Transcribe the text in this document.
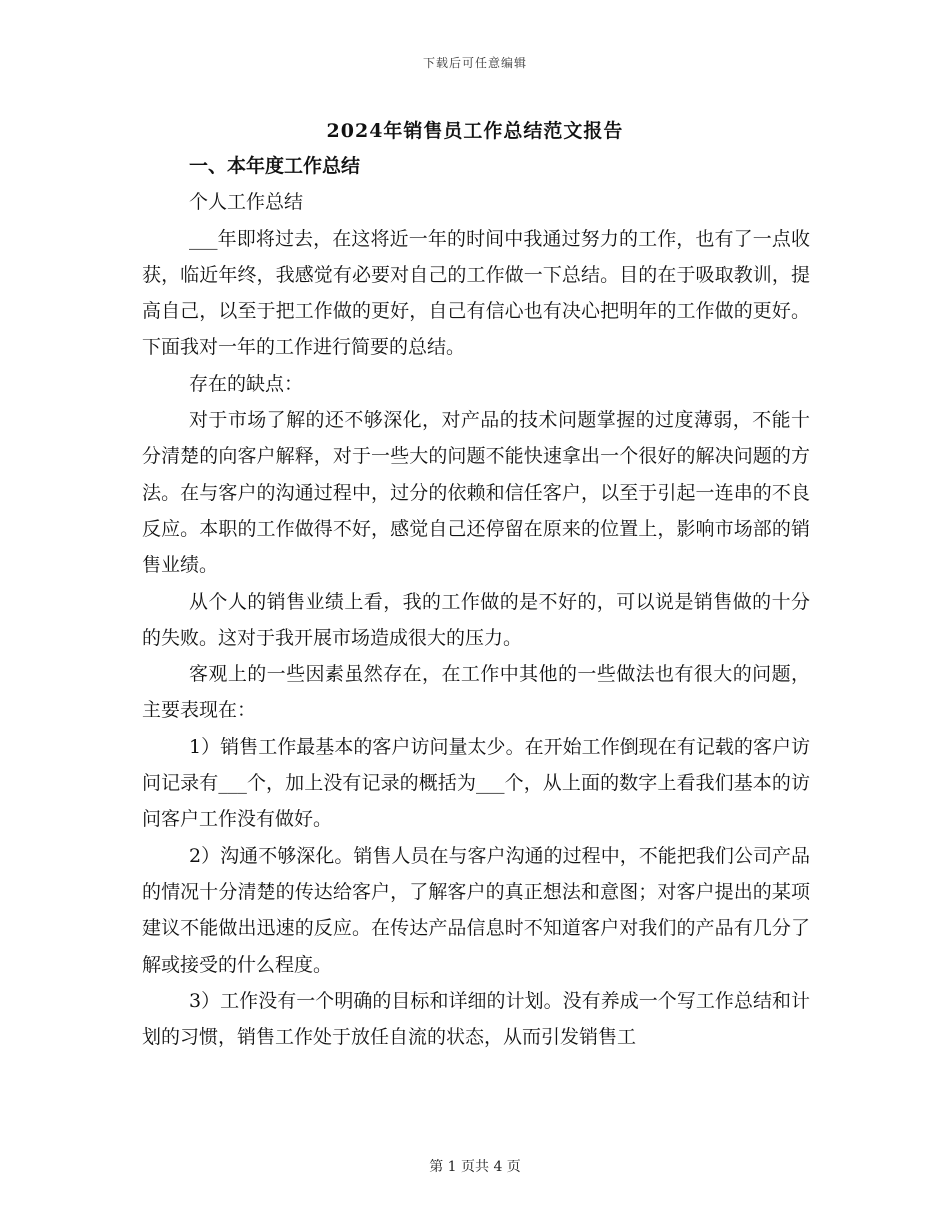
下载后可任意编辑
2024年销售员工作总结范文报告

一、本年度工作总结

个人工作总结

___年即将过去，在这将近一年的时间中我通过努力的工作，也有了一点收获，临近年终，我感觉有必要对自己的工作做一下总结。目的在于吸取教训，提高自己，以至于把工作做的更好，自己有信心也有决心把明年的工作做的更好。下面我对一年的工作进行简要的总结。

存在的缺点：

对于市场了解的还不够深化，对产品的技术问题掌握的过度薄弱，不能十分清楚的向客户解释，对于一些大的问题不能快速拿出一个很好的解决问题的方法。在与客户的沟通过程中，过分的依赖和信任客户，以至于引起一连串的不良反应。本职的工作做得不好，感觉自己还停留在原来的位置上，影响市场部的销售业绩。

从个人的销售业绩上看，我的工作做的是不好的，可以说是销售做的十分的失败。这对于我开展市场造成很大的压力。

客观上的一些因素虽然存在，在工作中其他的一些做法也有很大的问题，主要表现在：

1）销售工作最基本的客户访问量太少。在开始工作倒现在有记载的客户访问记录有___个，加上没有记录的概括为___个，从上面的数字上看我们基本的访问客户工作没有做好。

2）沟通不够深化。销售人员在与客户沟通的过程中，不能把我们公司产品的情况十分清楚的传达给客户，了解客户的真正想法和意图；对客户提出的某项建议不能做出迅速的反应。在传达产品信息时不知道客户对我们的产品有几分了解或接受的什么程度。

3）工作没有一个明确的目标和详细的计划。没有养成一个写工作总结和计划的习惯，销售工作处于放任自流的状态，从而引发销售工

第 1 页共 4 页
